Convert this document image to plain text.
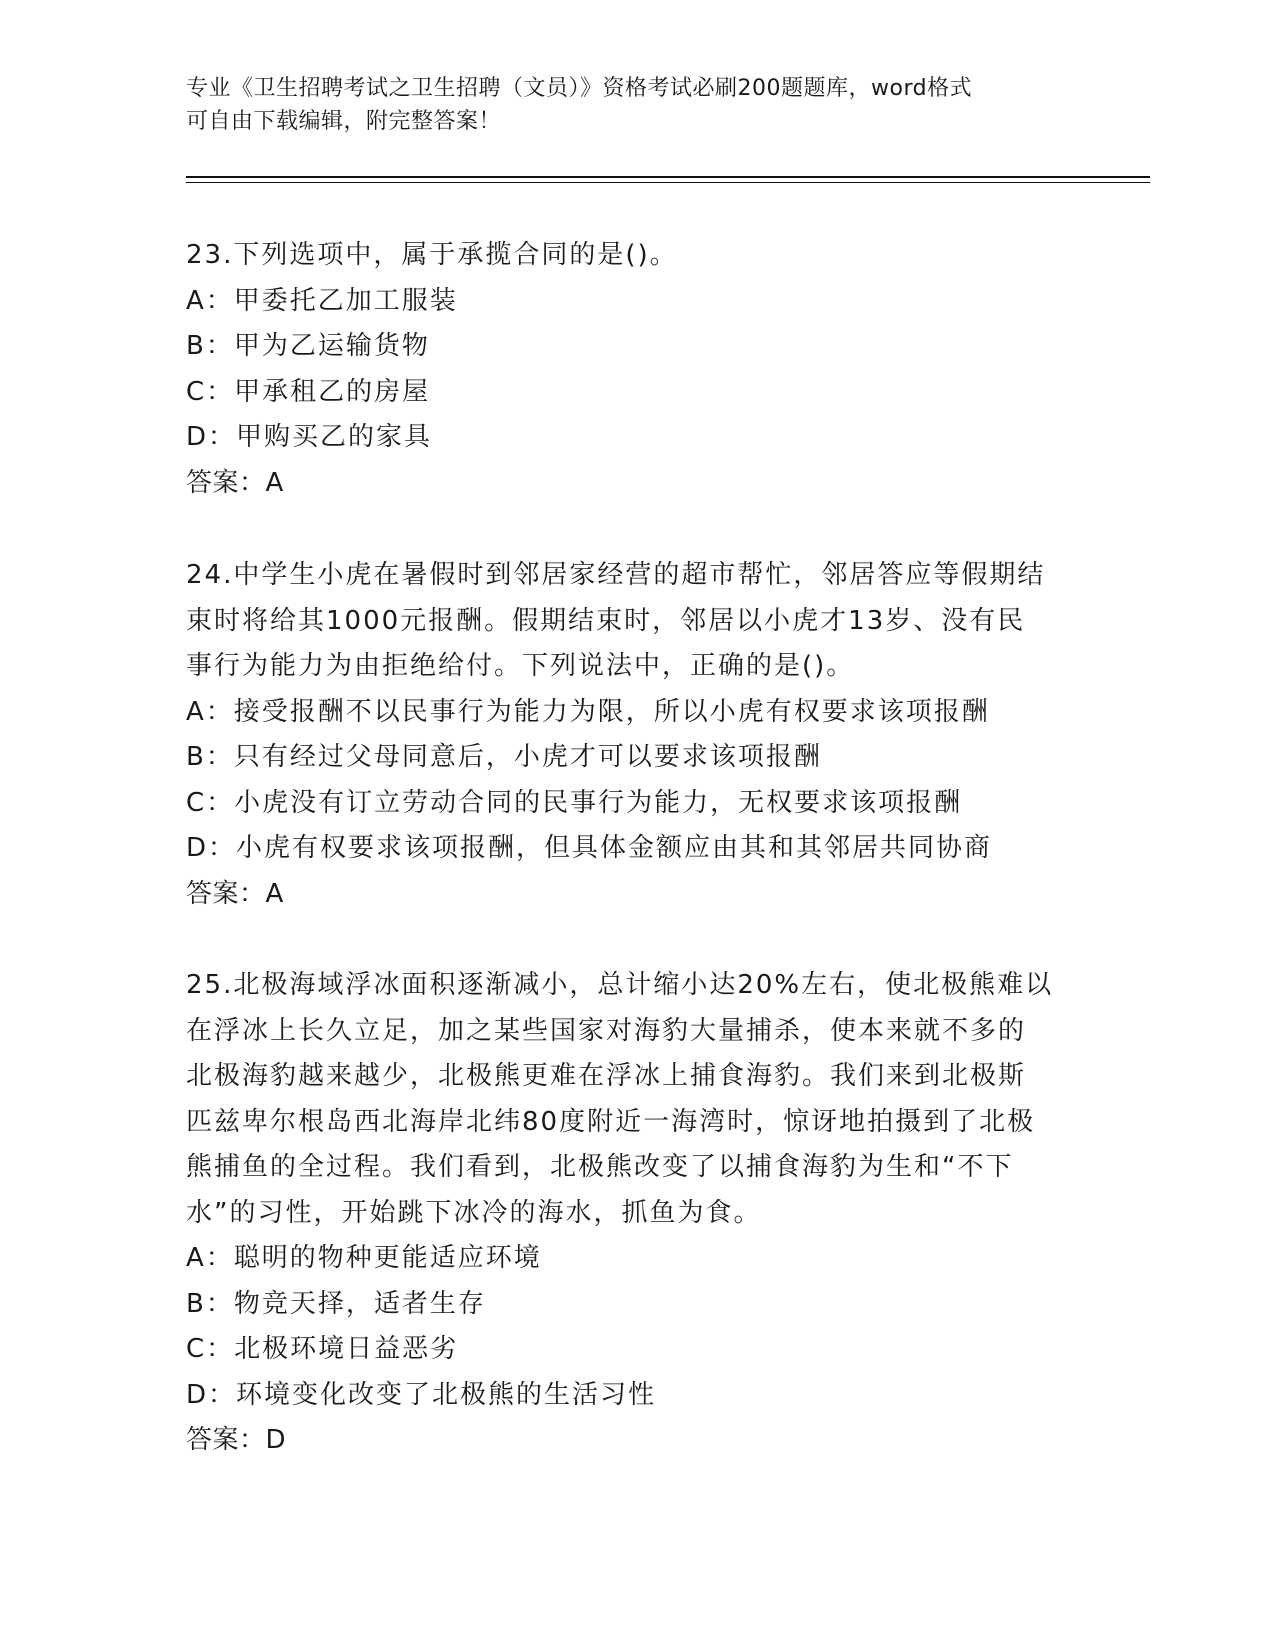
专业《卫生招聘考试之卫生招聘（文员）》资格考试必刷200题题库，word格式
可自由下载编辑，附完整答案！
23.下列选项中，属于承揽合同的是()。
A：甲委托乙加工服装
B：甲为乙运输货物
C：甲承租乙的房屋
D：甲购买乙的家具
答案：A
24.中学生小虎在暑假时到邻居家经营的超市帮忙，邻居答应等假期结
束时将给其1000元报酬。假期结束时，邻居以小虎才13岁、没有民
事行为能力为由拒绝给付。下列说法中，正确的是()。
A：接受报酬不以民事行为能力为限，所以小虎有权要求该项报酬
B：只有经过父母同意后，小虎才可以要求该项报酬
C：小虎没有订立劳动合同的民事行为能力，无权要求该项报酬
D：小虎有权要求该项报酬，但具体金额应由其和其邻居共同协商
答案：A
25.北极海域浮冰面积逐渐减小，总计缩小达20%左右，使北极熊难以
在浮冰上长久立足，加之某些国家对海豹大量捕杀，使本来就不多的
北极海豹越来越少，北极熊更难在浮冰上捕食海豹。我们来到北极斯
匹兹卑尔根岛西北海岸北纬80度附近一海湾时，惊讶地拍摄到了北极
熊捕鱼的全过程。我们看到，北极熊改变了以捕食海豹为生和“不下
水”的习性，开始跳下冰冷的海水，抓鱼为食。
A：聪明的物种更能适应环境
B：物竞天择，适者生存
C：北极环境日益恶劣
D：环境变化改变了北极熊的生活习性
答案：D
